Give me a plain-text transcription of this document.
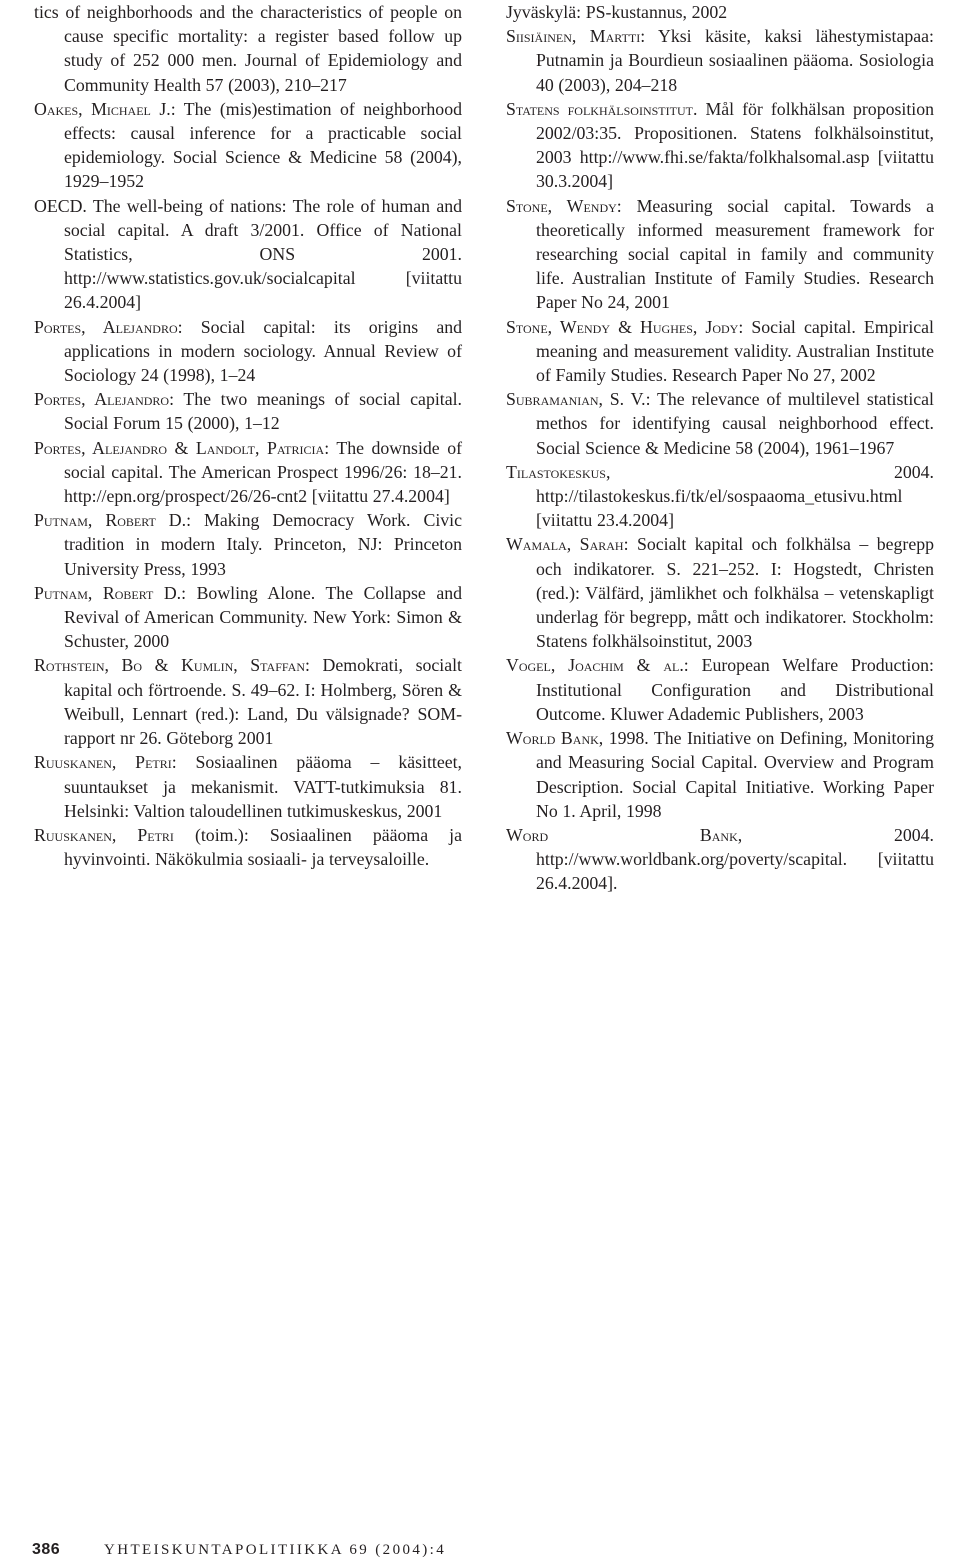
tics of neighborhoods and the characteristics of people on cause specific mortality: a register based follow up study of 252 000 men. Journal of Epidemiology and Community Health 57 (2003), 210–217

Oakes, Michael J.: The (mis)estimation of neighborhood effects: causal inference for a practicable social epidemiology. Social Science & Medicine 58 (2004), 1929–1952

OECD. The well-being of nations: The role of human and social capital. A draft 3/2001. Office of National Statistics, ONS 2001. http://www.statistics.gov.uk/socialcapital [viitattu 26.4.2004]

Portes, Alejandro: Social capital: its origins and applications in modern sociology. Annual Review of Sociology 24 (1998), 1–24

Portes, Alejandro: The two meanings of social capital. Social Forum 15 (2000), 1–12

Portes, Alejandro & Landolt, Patricia: The downside of social capital. The American Prospect 1996/26: 18–21. http://epn.org/prospect/26/26-cnt2 [viitattu 27.4.2004]

Putnam, Robert D.: Making Democracy Work. Civic tradition in modern Italy. Princeton, NJ: Princeton University Press, 1993

Putnam, Robert D.: Bowling Alone. The Collapse and Revival of American Community. New York: Simon & Schuster, 2000

Rothstein, Bo & Kumlin, Staffan: Demokrati, socialt kapital och förtroende. S. 49–62. I: Holmberg, Sören & Weibull, Lennart (red.): Land, Du välsignade? SOM-rapport nr 26. Göteborg 2001

Ruuskanen, Petri: Sosiaalinen pääoma – käsitteet, suuntaukset ja mekanismit. VATT-tutkimuksia 81. Helsinki: Valtion taloudellinen tutkimuskeskus, 2001

Ruuskanen, Petri (toim.): Sosiaalinen pääoma ja hyvinvointi. Näkökulmia sosiaali- ja terveysaloille.

Jyväskylä: PS-kustannus, 2002

Siisiäinen, Martti: Yksi käsite, kaksi lähestymistapaa: Putnamin ja Bourdieun sosiaalinen pääoma. Sosiologia 40 (2003), 204–218

Statens folkhälsoinstitut. Mål för folkhälsan proposition 2002/03:35. Propositionen. Statens folkhälsoinstitut, 2003 http://www.fhi.se/fakta/folkhalsomal.asp [viitattu 30.3.2004]

Stone, Wendy: Measuring social capital. Towards a theoretically informed measurement framework for researching social capital in family and community life. Australian Institute of Family Studies. Research Paper No 24, 2001

Stone, Wendy & Hughes, Jody: Social capital. Empirical meaning and measurement validity. Australian Institute of Family Studies. Research Paper No 27, 2002

Subramanian, S. V.: The relevance of multilevel statistical methos for identifying causal neighborhood effect. Social Science & Medicine 58 (2004), 1961–1967

Tilastokeskus, 2004. http://tilastokeskus.fi/tk/el/sospaaoma_etusivu.html [viitattu 23.4.2004]

Wamala, Sarah: Socialt kapital och folkhälsa – begrepp och indikatorer. S. 221–252. I: Hogstedt, Christen (red.): Välfärd, jämlikhet och folkhälsa – vetenskapligt underlag för begrepp, mått och indikatorer. Stockholm: Statens folkhälsoinstitut, 2003

Vogel, Joachim & al.: European Welfare Production: Institutional Configuration and Distributional Outcome. Kluwer Adademic Publishers, 2003

World Bank, 1998. The Initiative on Defining, Monitoring and Measuring Social Capital. Overview and Program Description. Social Capital Initiative. Working Paper No 1. April, 1998

Word Bank, 2004. http://www.worldbank.org/poverty/scapital. [viitattu 26.4.2004].

386	YHTEISKUNTAPOLITIIKKA 69 (2004):4
